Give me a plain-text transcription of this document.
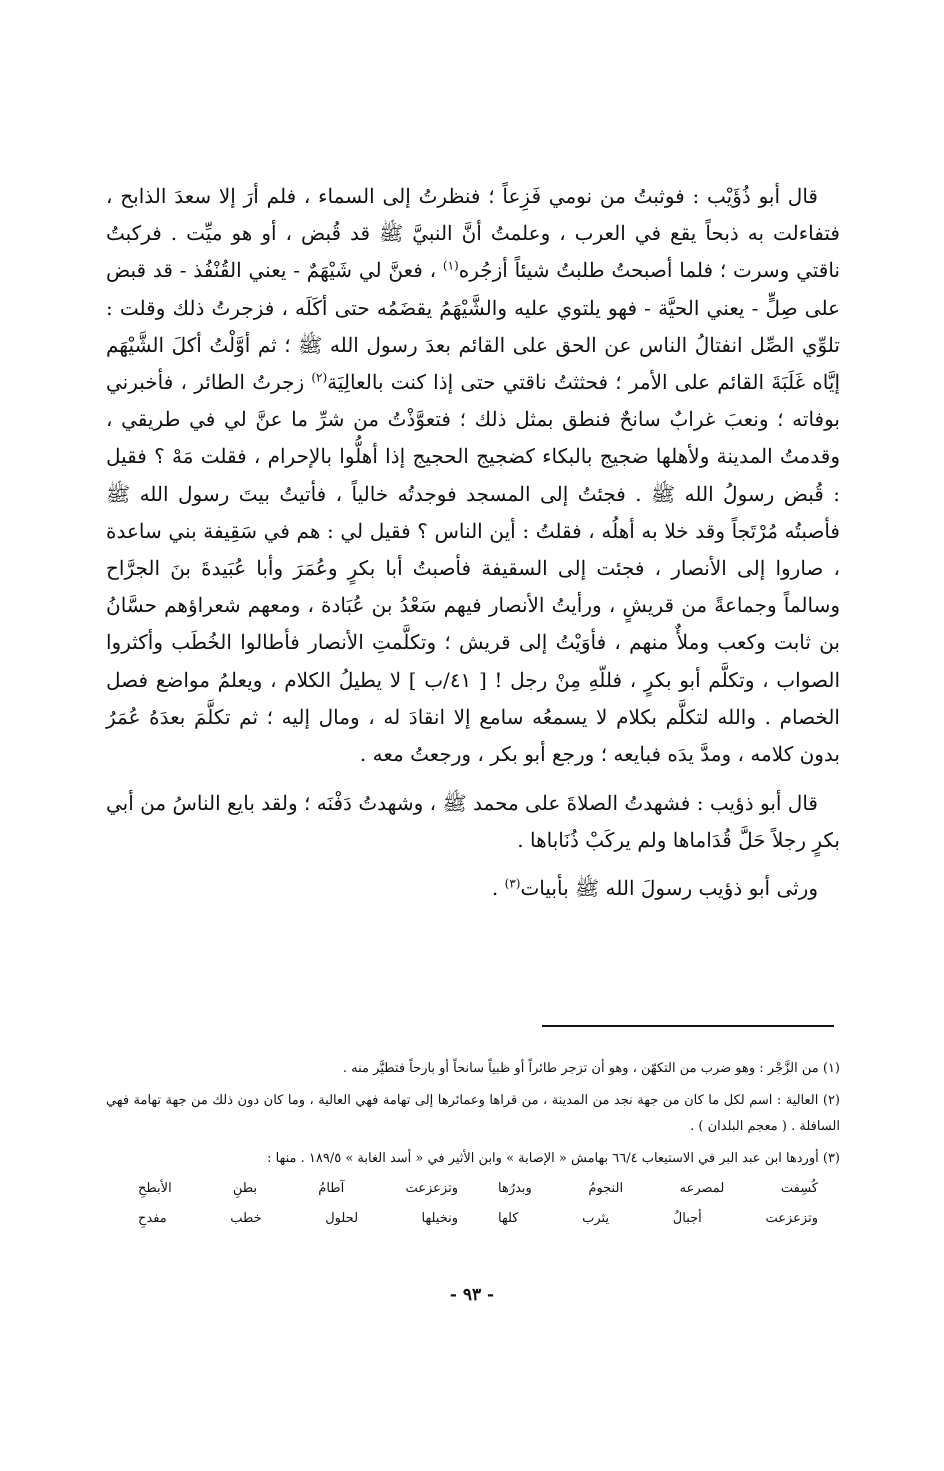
قال أبو ذُؤَيْب : فوثبتُ من نومي فَزِعاً ؛ فنظرتُ إلى السماء ، فلم أرَ إلا سعدَ الذابح ، فتفاءلت به ذبحاً يقع في العرب ، وعلمتُ أنَّ النبيَّ ﷺ قد قُبض ، أو هو ميِّت . فركبتُ ناقتي وسرت ؛ فلما أصبحتُ طلبتُ شيئاً أزجُره$^{(١)}$ ، فعنَّ لي شَيْهَمٌ - يعني القُنْفُذ - قد قبض على صِلٍّ - يعني الحيَّة - فهو يلتوي عليه والشَّيْهَمُ يقضَمُه حتى أكَلَه ، فزجرتُ ذلك وقلت : تلوِّي الصِّل انفتالُ الناس عن الحق على القائم بعدَ رسول الله ﷺ ؛ ثم أوَّلْتُ أكلَ الشَّيْهَم إيَّاه غَلَبَةَ القائم على الأمر ؛ فحثثتُ ناقتي حتى إذا كنت بالعالِيَة$^{(٢)}$ زجرتُ الطائر ، فأخبرني بوفاته ؛ ونعبَ غرابٌ سانحٌ فنطق بمثل ذلك ؛ فتعوَّذْتُ من شرِّ ما عنَّ لي في طريقي ، وقدمتُ المدينة ولأهلها ضجيج بالبكاء كضجيج الحجيج إذا أهلُّوا بالإحرام ، فقلت مَهْ ؟ فقيل : قُبض رسولُ الله ﷺ . فجئتُ إلى المسجد فوجدتُه خالياً ، فأتيتُ بيتَ رسول الله ﷺ فأصبتُه مُرْتَجاً وقد خلا به أهلُه ، فقلتُ : أين الناس ؟ فقيل لي : هم في سَقِيفة بني ساعدة ، صاروا إلى الأنصار ، فجئت إلى السقيفة فأصبتُ أبا بكرٍ وعُمَرَ وأبا عُبَيدةَ بنَ الجرَّاح وسالماً وجماعةً من قريشٍ ، ورأيتُ الأنصار فيهم سَعْدُ بن عُبَادة ، ومعهم شعراؤهم حسَّانُ بن ثابت وكعب وملأٌ منهم ، فأوَيْتُ إلى قريش ؛ وتكلَّمتِ الأنصار فأطالوا الخُطَب وأكثروا الصواب ، وتكلَّم أبو بكرٍ ، فللّهِ مِنْ رجل ! [ ٤١/ب ] لا يطيلُ الكلام ، ويعلمُ مواضع فصل الخصام . والله لتكلَّم بكلام لا يسمعُه سامع إلا انقادَ له ، ومال إليه ؛ ثم تكلَّمَ بعدَهُ عُمَرُ بدون كلامه ، ومدَّ يدَه فبايعه ؛ ورجع أبو بكر ، ورجعتُ معه .

قال أبو ذؤيب : فشهدتُ الصلاةَ على محمد ﷺ ، وشهدتُ دَفْنَه ؛ ولقد بايع الناسُ من أبي بكرٍ رجلاً حَلَّ قُدَاماها ولم يركَبْ ذُنَاباها .

ورثى أبو ذؤيب رسولَ الله ﷺ بأبيات$^{(٣)}$ .

(١) من الزَّجْر : وهو ضرب من التكهّن ، وهو أن تزجر طائراً أو ظبياً سانحاً أو بارحاً فتطيَّر منه .

(٢) العالية : اسم لكل ما كان من جهة نجد من المدينة ، من قراها وعمائرها إلى تهامة فهي العالية ، وما كان دون ذلك من جهة تهامة فهي السافلة . ( معجم البلدان ) .

(٣) أوردها ابن عبد البر في الاستيعاب ٦٦/٤ بهامش « الإصابة » وابن الأثير في « أسد الغابة » ١٨٩/٥ . منها :

كُسِفت لمصرعه النجومُ وبدرُها
وتزعزعت آطامُ بطنِ الأبطحِ
وتزعزعت أجبالُ يثرب كلها
ونخيلها لحلول خطب مفدحِ
- ٩٣ -
